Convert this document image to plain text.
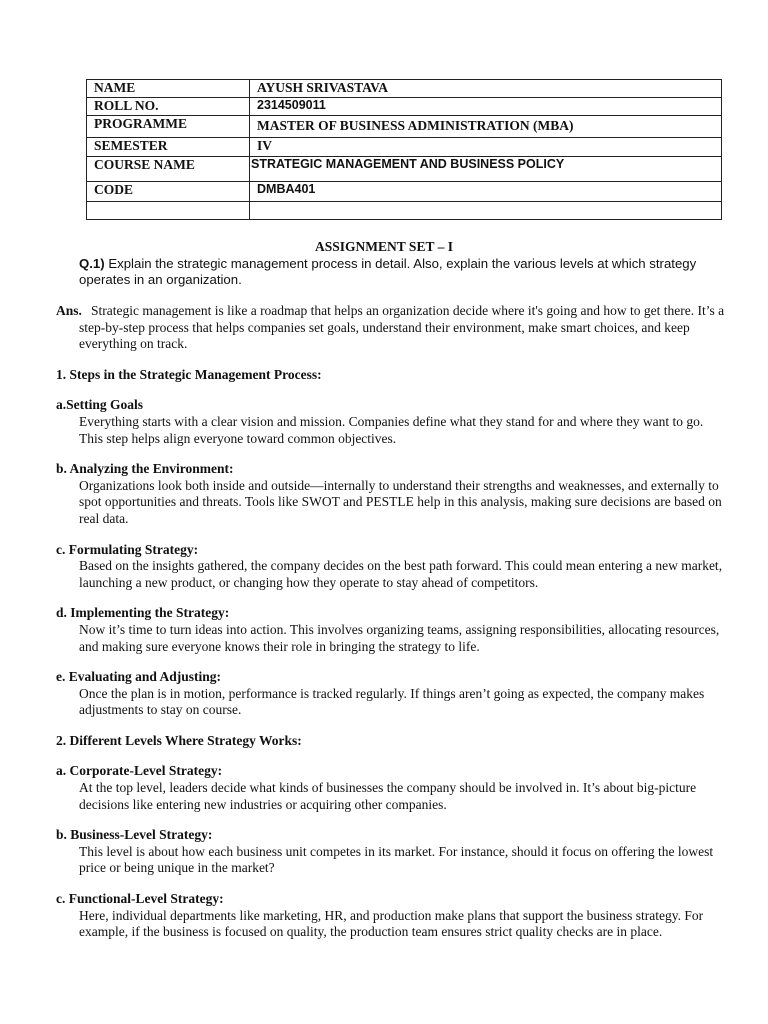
NAME	AYUSH SRIVASTAVA
ROLL NO.	2314509011
PROGRAMME	MASTER OF BUSINESS ADMINISTRATION (MBA)
SEMESTER	IV
COURSE NAME	STRATEGIC MANAGEMENT AND BUSINESS POLICY
CODE	DMBA401

ASSIGNMENT SET – I
Q.1) Explain the strategic management process in detail. Also, explain the various levels at which strategy operates in an organization.

Ans. Strategic management is like a roadmap that helps an organization decide where it's going and how to get there. It’s a step-by-step process that helps companies set goals, understand their environment, make smart choices, and keep everything on track.

1. Steps in the Strategic Management Process:

a.Setting Goals

Everything starts with a clear vision and mission. Companies define what they stand for and where they want to go. This step helps align everyone toward common objectives.

b. Analyzing the Environment:

Organizations look both inside and outside—internally to understand their strengths and weaknesses, and externally to spot opportunities and threats. Tools like SWOT and PESTLE help in this analysis, making sure decisions are based on real data.

c. Formulating Strategy:

Based on the insights gathered, the company decides on the best path forward. This could mean entering a new market, launching a new product, or changing how they operate to stay ahead of competitors.

d. Implementing the Strategy:

Now it’s time to turn ideas into action. This involves organizing teams, assigning responsibilities, allocating resources, and making sure everyone knows their role in bringing the strategy to life.

e. Evaluating and Adjusting:

Once the plan is in motion, performance is tracked regularly. If things aren’t going as expected, the company makes adjustments to stay on course.

2. Different Levels Where Strategy Works:

a. Corporate-Level Strategy:

At the top level, leaders decide what kinds of businesses the company should be involved in. It’s about big-picture decisions like entering new industries or acquiring other companies.

b. Business-Level Strategy:

This level is about how each business unit competes in its market. For instance, should it focus on offering the lowest price or being unique in the market?

c. Functional-Level Strategy:

Here, individual departments like marketing, HR, and production make plans that support the business strategy. For example, if the business is focused on quality, the production team ensures strict quality checks are in place.
